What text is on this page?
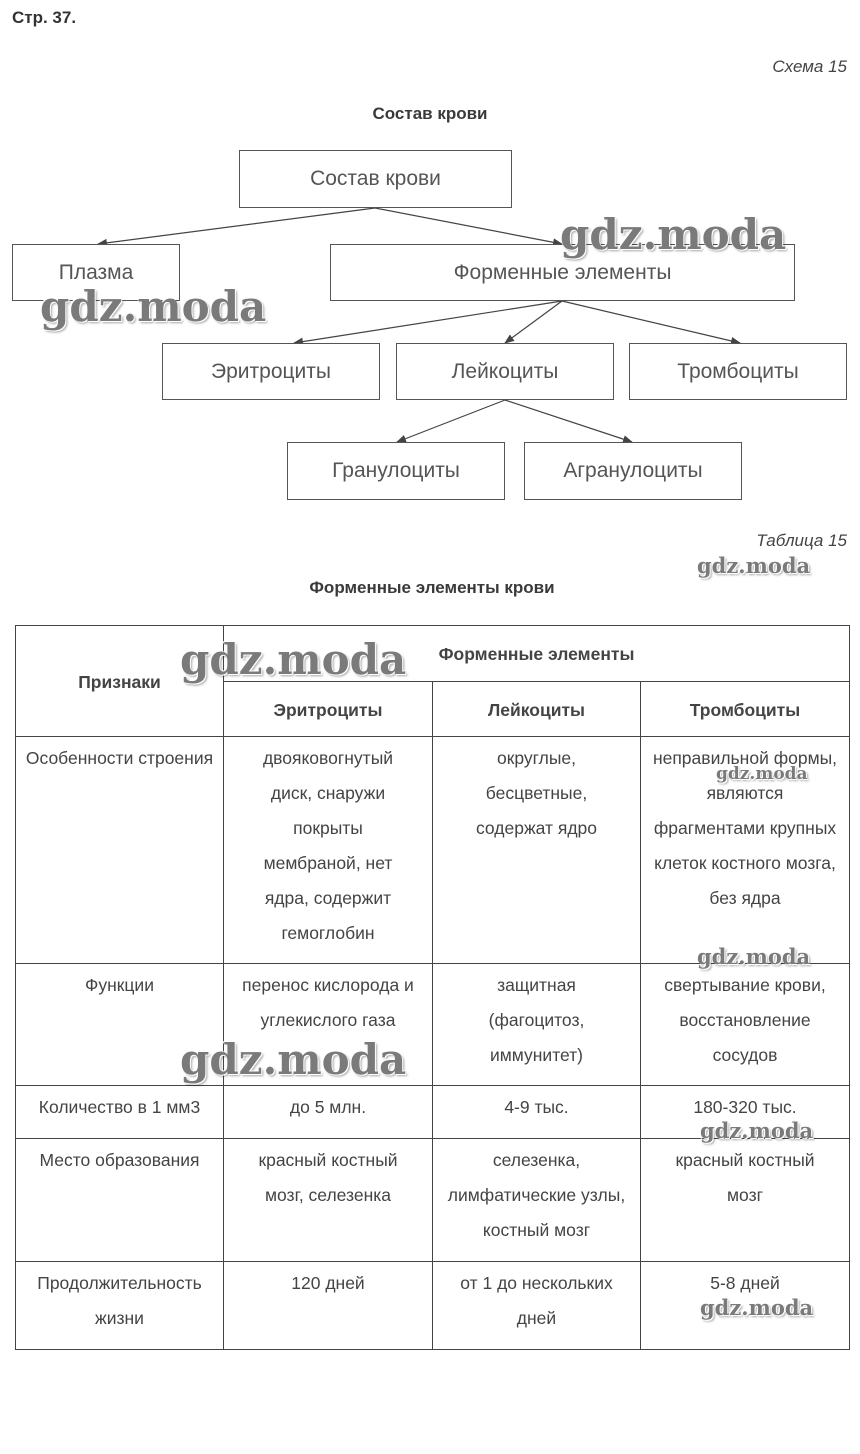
Стр. 37.
Схема 15
Состав крови
Состав крови
Плазма	Форменные элементы
Эритроциты	Лейкоциты	Тромбоциты
Гранулоциты	Агранулоциты
Таблица 15
Форменные элементы крови
Признаки	Форменные элементы		
	Эритроциты	Лейкоциты	Тромбоциты
Особенности строения	двояковогнутый диск, снаружи покрыты мембраной, нет ядра, содержит гемоглобин	округлые, бесцветные, содержат ядро	неправильной формы, являются фрагментами крупных клеток костного мозга, без ядра
Функции	перенос кислорода и углекислого газа	защитная (фагоцитоз, иммунитет)	свертывание крови, восстановление сосудов
Количество в 1 мм3	до 5 млн.	4-9 тыс.	180-320 тыс.
Место образования	красный костный мозг, селезенка	селезенка, лимфатические узлы, костный мозг	красный костный мозг
Продолжительность жизни	120 дней	от 1 до нескольких дней	5-8 дней
gdz.moda
gdz.moda
gdz.moda
gdz.moda
gdz.moda
gdz.moda
gdz.moda
gdz.moda
gdz.moda
